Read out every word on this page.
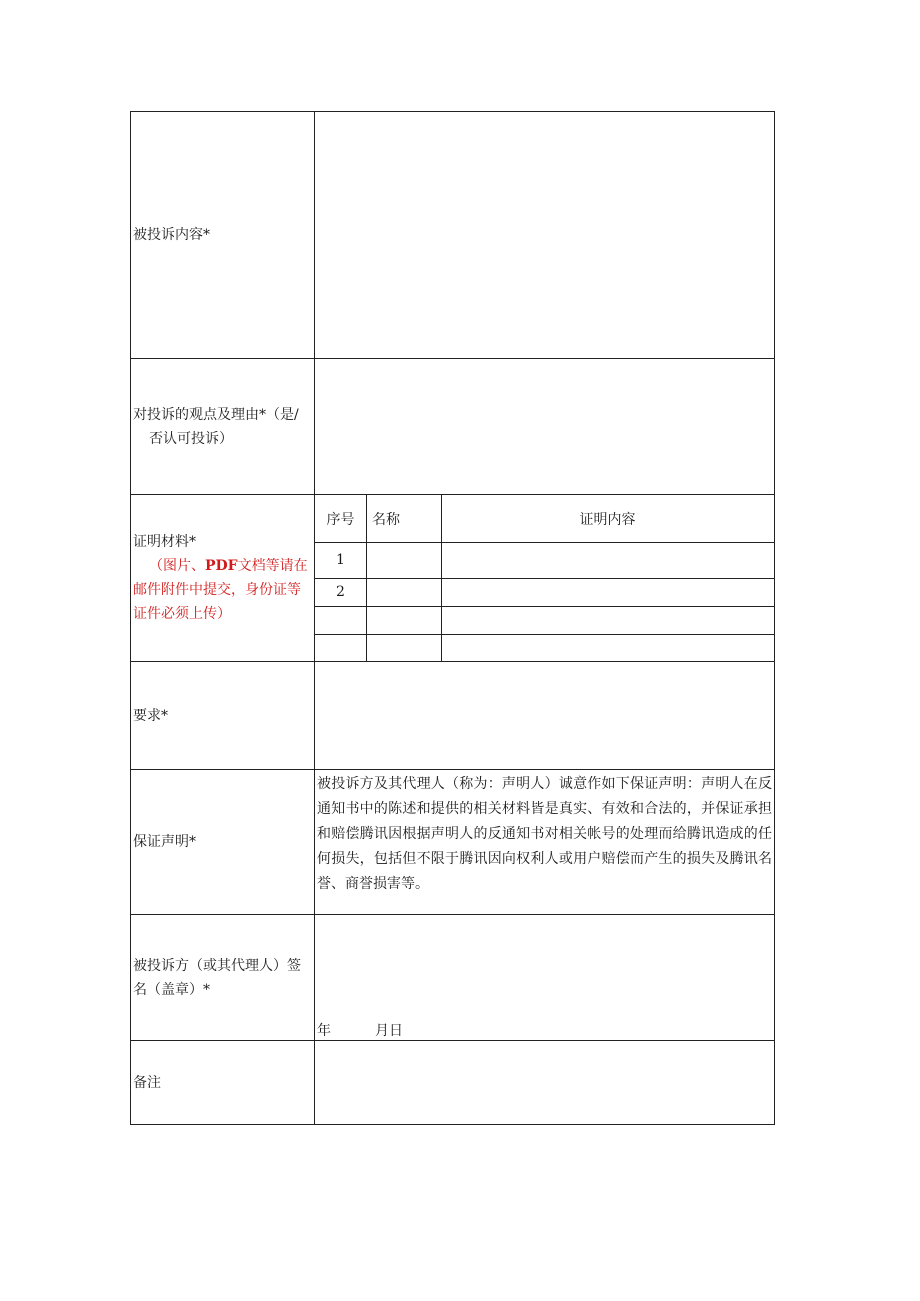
被投诉内容*
对投诉的观点及理由*（是/
否认可投诉）
证明材料*
（图片、PDF文档等请在
邮件附件中提交，身份证等
证件必须上传）
序号	名称	证明内容
1
2
要求*
保证声明*
被投诉方及其代理人（称为：声明人）诚意作如下保证声明：声明人在反通知书中的陈述和提供的相关材料皆是真实、有效和合法的，并保证承担和赔偿腾讯因根据声明人的反通知书对相关帐号的处理而给腾讯造成的任何损失，包括但不限于腾讯因向权利人或用户赔偿而产生的损失及腾讯名誉、商誉损害等。
被投诉方（或其代理人）签
名（盖章）*
年	月日
备注
